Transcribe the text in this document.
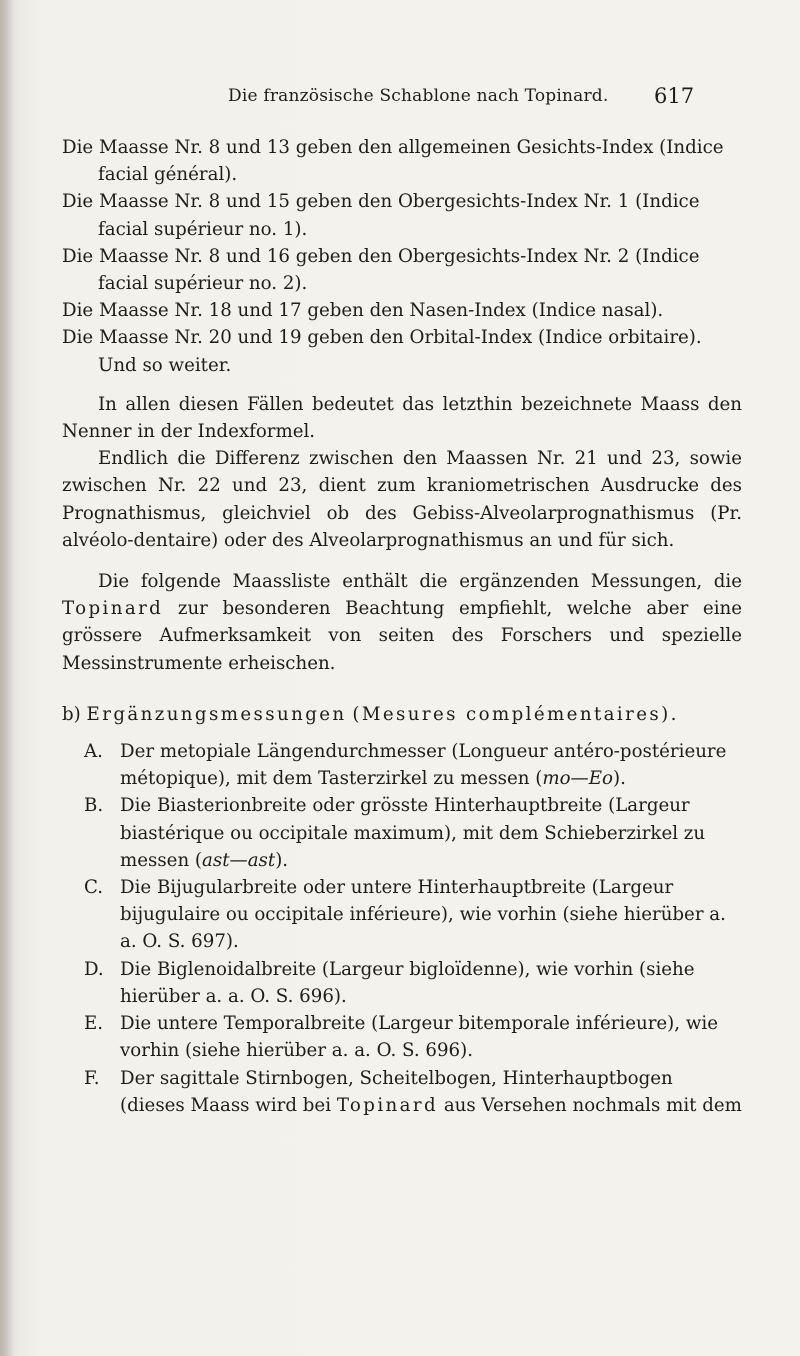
Die französische Schablone nach Topinard. 617

Die Maasse Nr. 8 und 13 geben den allgemeinen Gesichts-Index (Indice facial général).

Die Maasse Nr. 8 und 15 geben den Obergesichts-Index Nr. 1 (Indice facial supérieur no. 1).

Die Maasse Nr. 8 und 16 geben den Obergesichts-Index Nr. 2 (Indice facial supérieur no. 2).

Die Maasse Nr. 18 und 17 geben den Nasen-Index (Indice nasal).

Die Maasse Nr. 20 und 19 geben den Orbital-Index (Indice orbitaire).

Und so weiter.

In allen diesen Fällen bedeutet das letzthin bezeichnete Maass den Nenner in der Indexformel.

Endlich die Differenz zwischen den Maassen Nr. 21 und 23, sowie zwischen Nr. 22 und 23, dient zum kraniometrischen Ausdrucke des Prognathismus, gleichviel ob des Gebiss-Alveolarprognathismus (Pr. alvéolo-dentaire) oder des Alveolarprognathismus an und für sich.

Die folgende Maassliste enthält die ergänzenden Messungen, die Topinard zur besonderen Beachtung empfiehlt, welche aber eine grössere Aufmerksamkeit von seiten des Forschers und spezielle Messinstrumente erheischen.

b) Ergänzungsmessungen (Mesures complémentaires).

A. Der metopiale Längendurchmesser (Longueur antéro-postérieure métopique), mit dem Tasterzirkel zu messen (mo—Eo).

B. Die Biasterionbreite oder grösste Hinterhauptbreite (Largeur biastérique ou occipitale maximum), mit dem Schieberzirkel zu messen (ast—ast).

C. Die Bijugularbreite oder untere Hinterhauptbreite (Largeur bijugulaire ou occipitale inférieure), wie vorhin (siehe hierüber a. a. O. S. 697).

D. Die Biglenoidalbreite (Largeur bigloïdenne), wie vorhin (siehe hierüber a. a. O. S. 696).

E. Die untere Temporalbreite (Largeur bitemporale inférieure), wie vorhin (siehe hierüber a. a. O. S. 696).

F. Der sagittale Stirnbogen, Scheitelbogen, Hinterhauptbogen (dieses Maass wird bei Topinard aus Versehen nochmals mit dem
